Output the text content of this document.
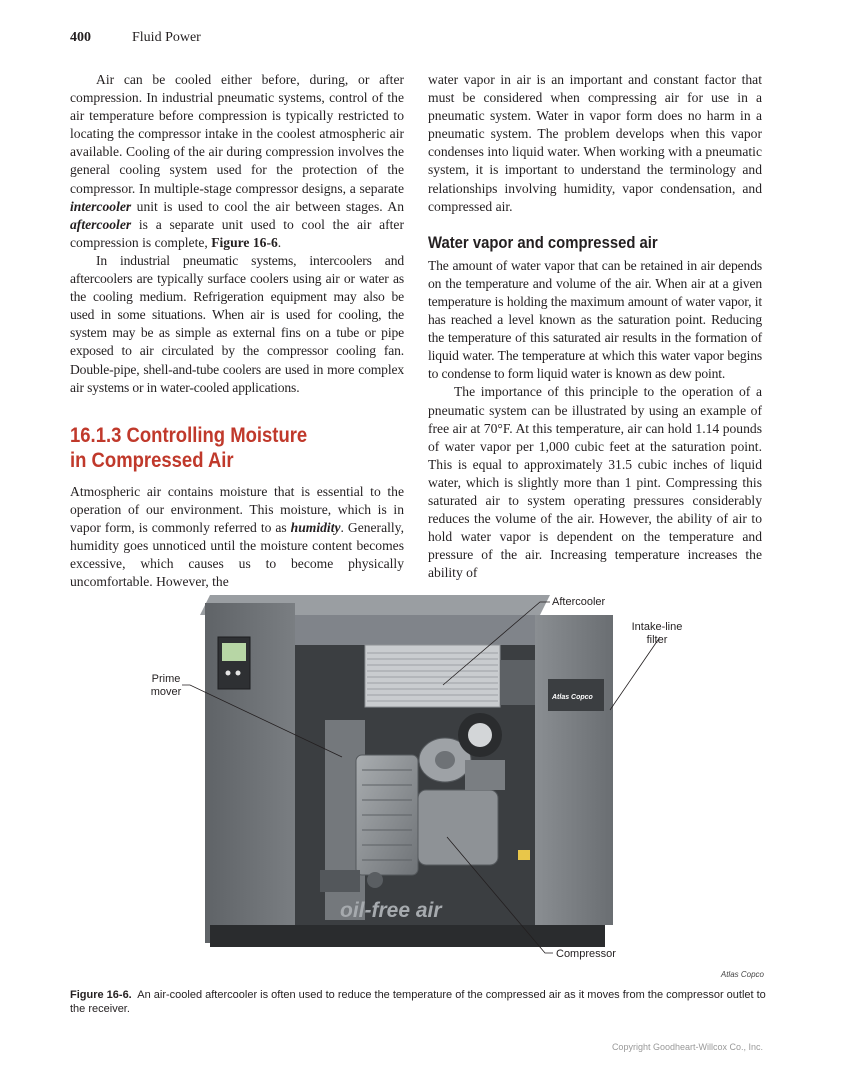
400	Fluid Power

Air can be cooled either before, during, or after compression. In industrial pneumatic systems, control of the air temperature before compression is typically restricted to locating the compressor intake in the coolest atmospheric air available. Cooling of the air during compression involves the general cooling system used for the protection of the compressor. In multiple-stage compressor designs, a separate intercooler unit is used to cool the air between stages. An aftercooler is a separate unit used to cool the air after compression is complete, Figure 16-6.

In industrial pneumatic systems, intercoolers and aftercoolers are typically surface coolers using air or water as the cooling medium. Refrigeration equipment may also be used in some situations. When air is used for cooling, the system may be as simple as external fins on a tube or pipe exposed to air circulated by the compressor cooling fan. Double-pipe, shell-and-tube coolers are used in more complex air systems or in water-cooled applications.

16.1.3 Controlling Moisture
in Compressed Air

Atmospheric air contains moisture that is essential to the operation of our environment. This moisture, which is in vapor form, is commonly referred to as humidity. Generally, humidity goes unnoticed until the moisture content becomes excessive, which causes us to become physically uncomfortable. However, the

water vapor in air is an important and constant factor that must be considered when compressing air for use in a pneumatic system. Water in vapor form does no harm in a pneumatic system. The problem develops when this vapor condenses into liquid water. When working with a pneumatic system, it is important to understand the terminology and relationships involving humidity, vapor condensation, and compressed air.

Water vapor and compressed air

The amount of water vapor that can be retained in air depends on the temperature and volume of the air. When air at a given temperature is holding the maximum amount of water vapor, it has reached a level known as the saturation point. Reducing the temperature of this saturated air results in the formation of liquid water. The temperature at which this water vapor begins to condense to form liquid water is known as dew point.

The importance of this principle to the operation of a pneumatic system can be illustrated by using an example of free air at 70°F. At this temperature, air can hold 1.14 pounds of water vapor per 1,000 cubic feet at the saturation point. This is equal to approximately 31.5 cubic inches of liquid water, which is slightly more than 1 pint. Compressing this saturated air to system operating pressures considerably reduces the volume of the air. However, the ability of air to hold water vapor is dependent on the temperature and pressure of the air. Increasing temperature increases the ability of

oil-free air
Atlas Copco
Aftercooler
Intake-line
filter
Prime
mover
Compressor
Atlas Copco
Figure 16-6. An air-cooled aftercooler is often used to reduce the temperature of the compressed air as it moves from the compressor outlet to the receiver.
Copyright Goodheart-Willcox Co., Inc.
